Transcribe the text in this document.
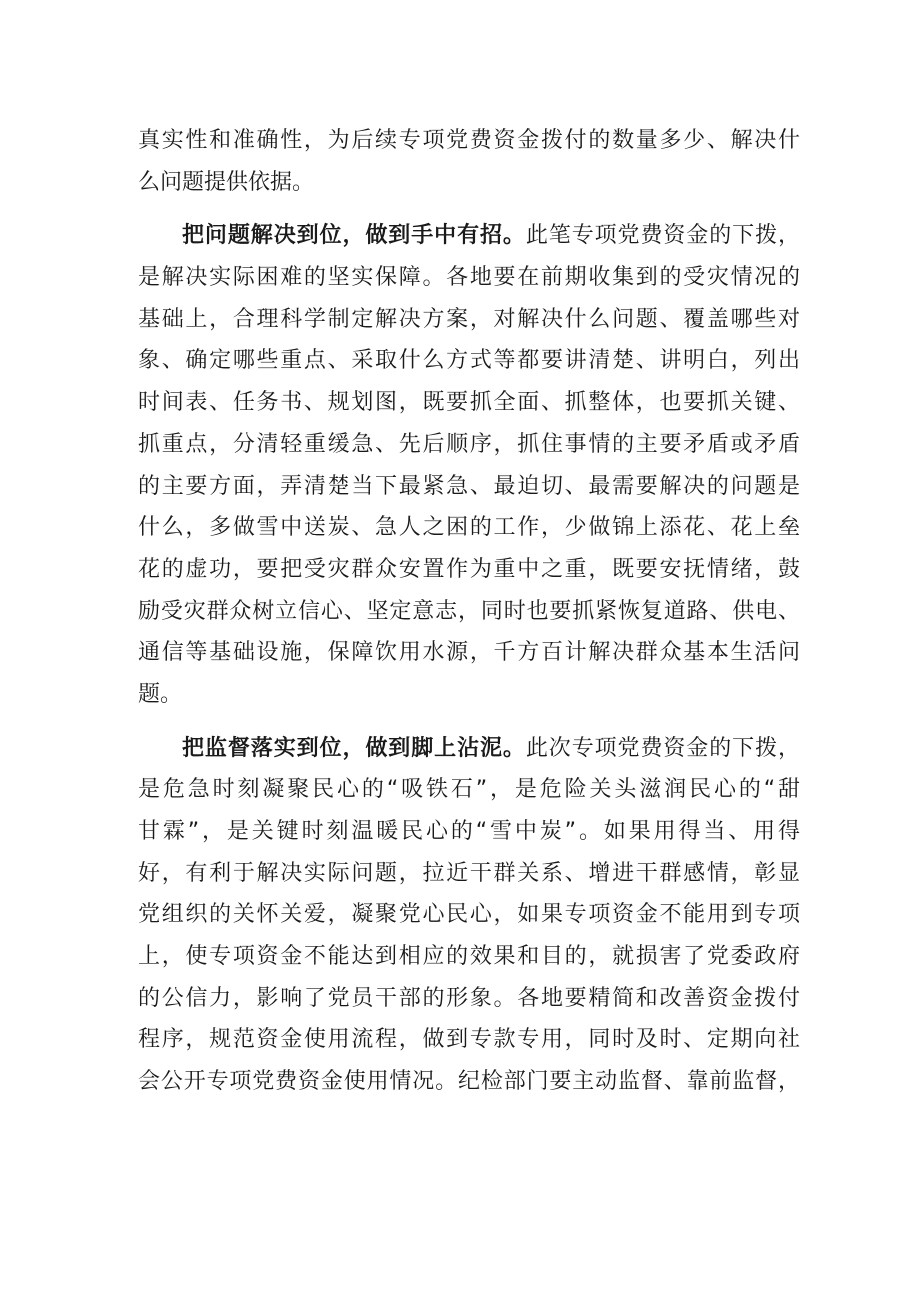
真实性和准确性，为后续专项党费资金拨付的数量多少、解决什
么问题提供依据。
把问题解决到位，做到手中有招。此笔专项党费资金的下拨，
是解决实际困难的坚实保障。各地要在前期收集到的受灾情况的
基础上，合理科学制定解决方案，对解决什么问题、覆盖哪些对
象、确定哪些重点、采取什么方式等都要讲清楚、讲明白，列出
时间表、任务书、规划图，既要抓全面、抓整体，也要抓关键、
抓重点，分清轻重缓急、先后顺序，抓住事情的主要矛盾或矛盾
的主要方面，弄清楚当下最紧急、最迫切、最需要解决的问题是
什么，多做雪中送炭、急人之困的工作，少做锦上添花、花上垒
花的虚功，要把受灾群众安置作为重中之重，既要安抚情绪，鼓
励受灾群众树立信心、坚定意志，同时也要抓紧恢复道路、供电、
通信等基础设施，保障饮用水源，千方百计解决群众基本生活问
题。
把监督落实到位，做到脚上沾泥。此次专项党费资金的下拨，
是危急时刻凝聚民心的“吸铁石”，是危险关头滋润民心的“甜
甘霖”，是关键时刻温暖民心的“雪中炭”。如果用得当、用得
好，有利于解决实际问题，拉近干群关系、增进干群感情，彰显
党组织的关怀关爱，凝聚党心民心，如果专项资金不能用到专项
上，使专项资金不能达到相应的效果和目的，就损害了党委政府
的公信力，影响了党员干部的形象。各地要精简和改善资金拨付
程序，规范资金使用流程，做到专款专用，同时及时、定期向社
会公开专项党费资金使用情况。纪检部门要主动监督、靠前监督，
